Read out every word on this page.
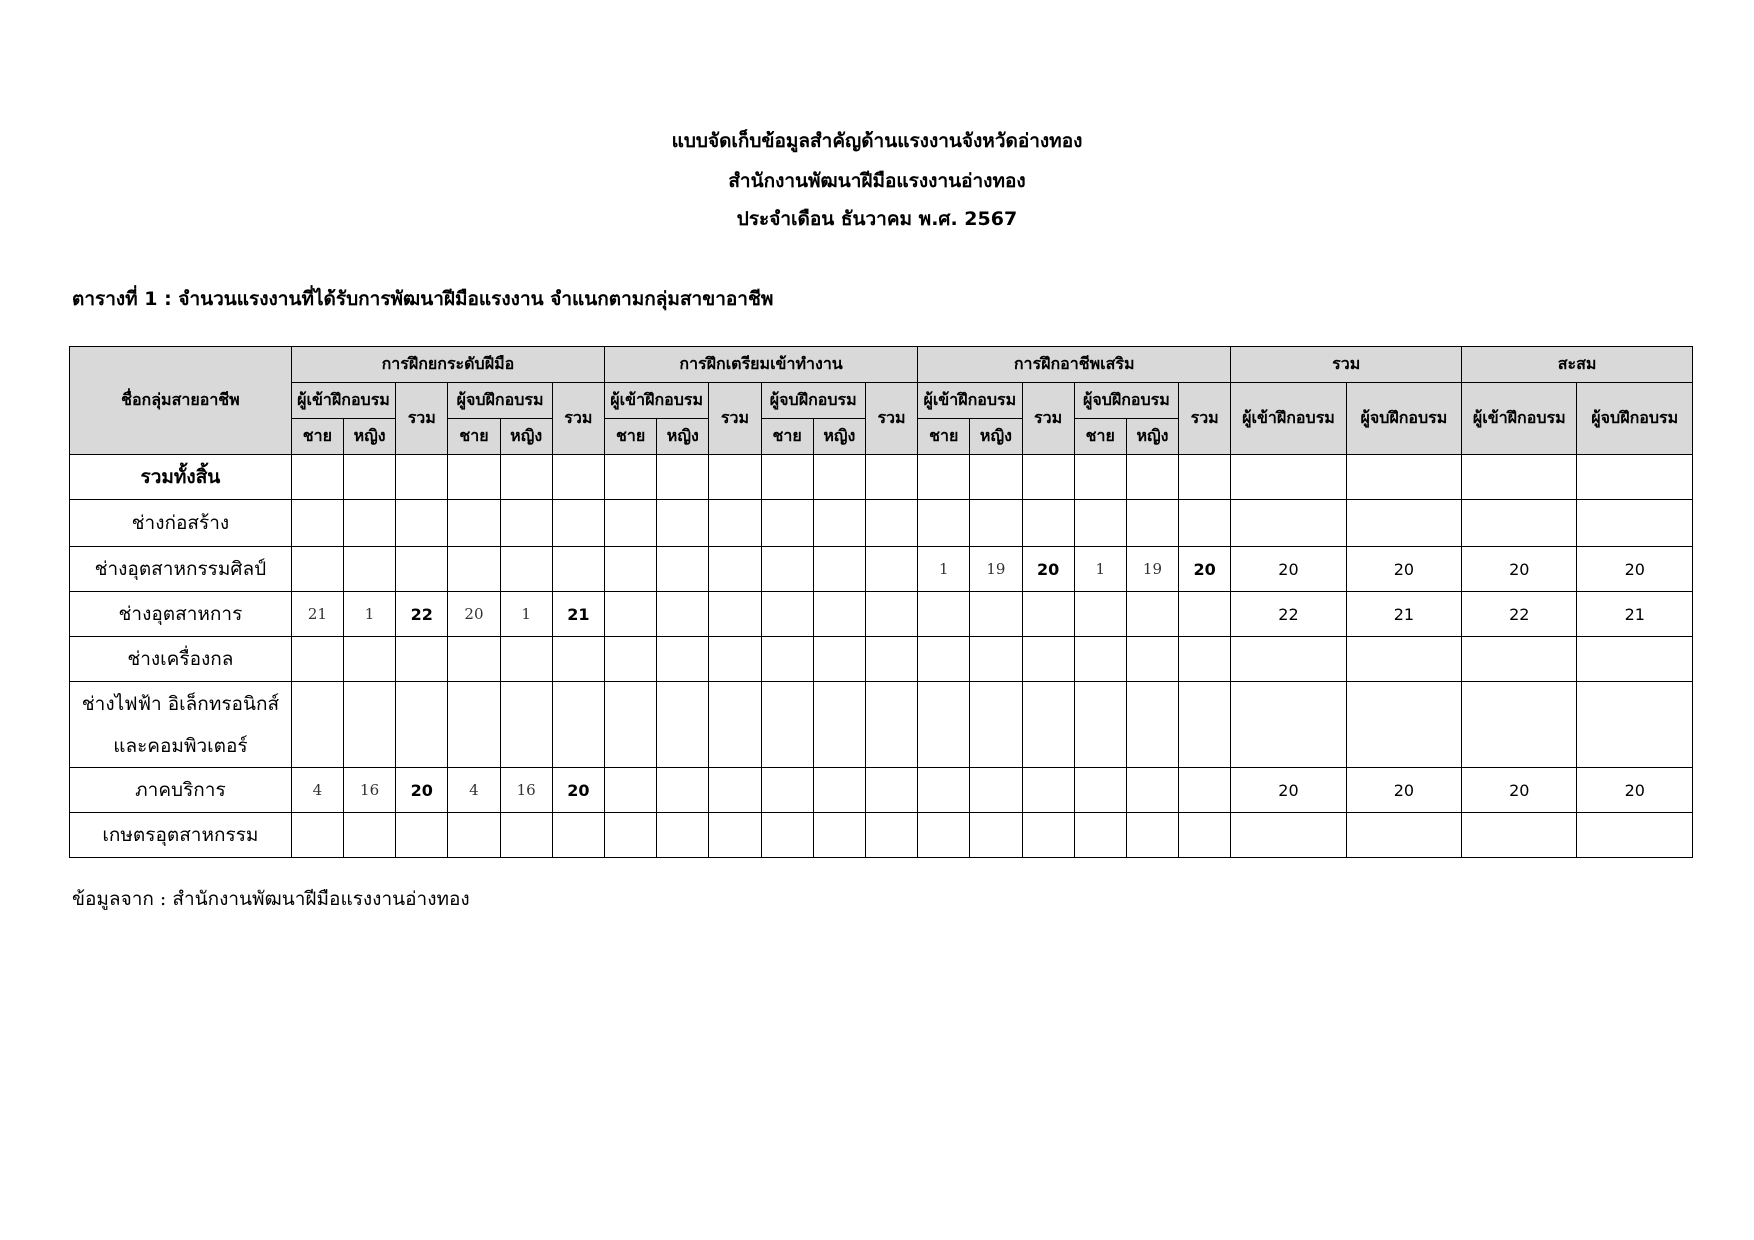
แบบจัดเก็บข้อมูลสำคัญด้านแรงงานจังหวัดอ่างทอง
สำนักงานพัฒนาฝีมือแรงงานอ่างทอง
ประจำเดือน ธันวาคม พ.ศ. 2567
ตารางที่ 1 : จำนวนแรงงานที่ได้รับการพัฒนาฝีมือแรงงาน จำแนกตามกลุ่มสาขาอาชีพ
ชื่อกลุ่มสายอาชีพ	การฝึกยกระดับฝีมือ						การฝึกเตรียมเข้าทำงาน						การฝึกอาชีพเสริม						รวม		สะสม	
	ผู้เข้าฝึกอบรม		รวม	ผู้จบฝึกอบรม		รวม	ผู้เข้าฝึกอบรม		รวม	ผู้จบฝึกอบรม		รวม	ผู้เข้าฝึกอบรม		รวม	ผู้จบฝึกอบรม		รวม	ผู้เข้าฝึกอบรม	ผู้จบฝึกอบรม	ผู้เข้าฝึกอบรม	ผู้จบฝึกอบรม
	ชาย	หญิง		ชาย	หญิง		ชาย	หญิง		ชาย	หญิง		ชาย	หญิง		ชาย	หญิง					
รวมทั้งสิ้น																						
ช่างก่อสร้าง																						
ช่างอุตสาหกรรมศิลป์													1	19	20	1	19	20	20	20	20	20
ช่างอุตสาหการ	21	1	22	20	1	21													22	21	22	21
ช่างเครื่องกล																						
ช่างไฟฟ้า อิเล็กทรอนิกส์
และคอมพิวเตอร์																						
ภาคบริการ	4	16	20	4	16	20													20	20	20	20
เกษตรอุตสาหกรรม																						
ข้อมูลจาก : สำนักงานพัฒนาฝีมือแรงงานอ่างทอง
